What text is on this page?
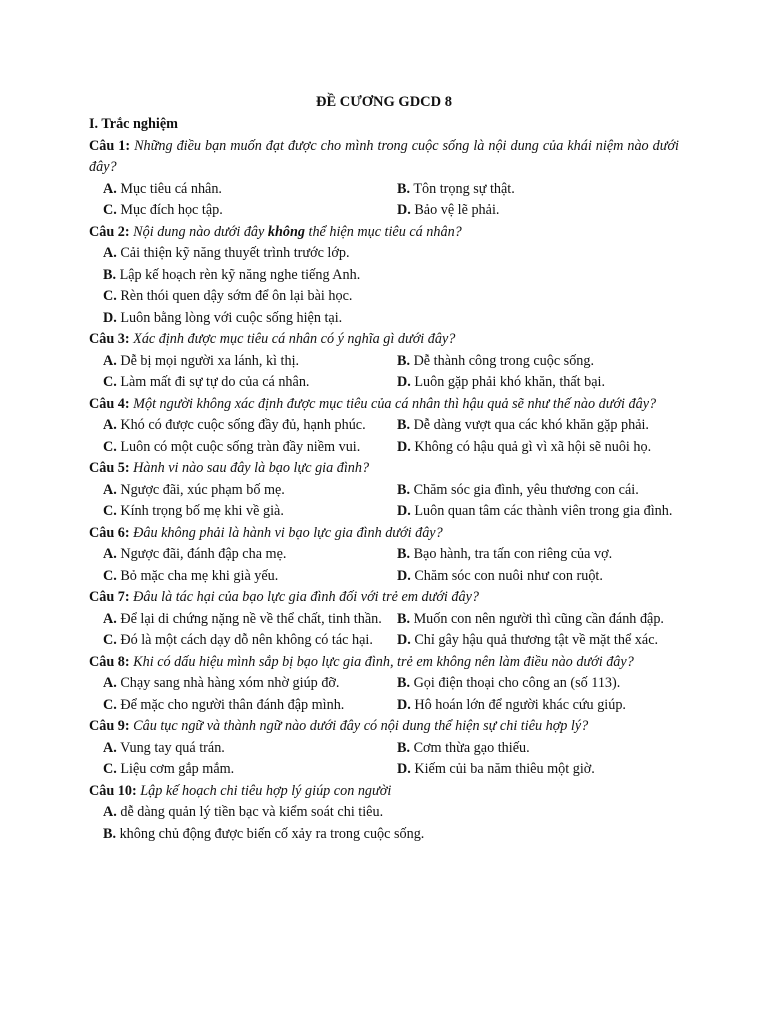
ĐỀ CƯƠNG GDCD 8
I. Trắc nghiệm
Câu 1: Những điều bạn muốn đạt được cho mình trong cuộc sống là nội dung của khái niệm nào dưới đây?
A. Mục tiêu cá nhân.	B. Tôn trọng sự thật.
C. Mục đích học tập.	D. Bảo vệ lẽ phải.
Câu 2: Nội dung nào dưới đây không thể hiện mục tiêu cá nhân?
A. Cải thiện kỹ năng thuyết trình trước lớp.
B. Lập kế hoạch rèn kỹ năng nghe tiếng Anh.
C. Rèn thói quen dậy sớm để ôn lại bài học.
D. Luôn bằng lòng với cuộc sống hiện tại.
Câu 3: Xác định được mục tiêu cá nhân có ý nghĩa gì dưới đây?
A. Dễ bị mọi người xa lánh, kì thị.	B. Dễ thành công trong cuộc sống.
C. Làm mất đi sự tự do của cá nhân.	D. Luôn gặp phải khó khăn, thất bại.
Câu 4: Một người không xác định được mục tiêu của cá nhân thì hậu quả sẽ như thế nào dưới đây?
A. Khó có được cuộc sống đầy đủ, hạnh phúc.	B. Dễ dàng vượt qua các khó khăn gặp phải.
C. Luôn có một cuộc sống tràn đầy niềm vui.	D. Không có hậu quả gì vì xã hội sẽ nuôi họ.
Câu 5: Hành vi nào sau đây là bạo lực gia đình?
A. Ngược đãi, xúc phạm bố mẹ.	B. Chăm sóc gia đình, yêu thương con cái.
C. Kính trọng bố mẹ khi về già.	D. Luôn quan tâm các thành viên trong gia đình.
Câu 6: Đâu không phải là hành vi bạo lực gia đình dưới đây?
A. Ngược đãi, đánh đập cha mẹ.	B. Bạo hành, tra tấn con riêng của vợ.
C. Bỏ mặc cha mẹ khi già yếu.	D. Chăm sóc con nuôi như con ruột.
Câu 7: Đâu là tác hại của bạo lực gia đình đối với trẻ em dưới đây?
A. Để lại di chứng nặng nề về thể chất, tinh thần.	B. Muốn con nên người thì cũng cần đánh đập.
C. Đó là một cách dạy dỗ nên không có tác hại.	D. Chỉ gây hậu quả thương tật về mặt thể xác.
Câu 8: Khi có dấu hiệu mình sắp bị bạo lực gia đình, trẻ em không nên làm điều nào dưới đây?
A. Chạy sang nhà hàng xóm nhờ giúp đỡ.	B. Gọi điện thoại cho công an (số 113).
C. Để mặc cho người thân đánh đập mình.	D. Hô hoán lớn để người khác cứu giúp.
Câu 9: Câu tục ngữ và thành ngữ nào dưới đây có nội dung thể hiện sự chi tiêu hợp lý?
A. Vung tay quá trán.	B. Cơm thừa gạo thiếu.
C. Liệu cơm gắp mắm.	D. Kiếm củi ba năm thiêu một giờ.
Câu 10: Lập kế hoạch chi tiêu hợp lý giúp con người
A. dễ dàng quản lý tiền bạc và kiểm soát chi tiêu.
B. không chủ động được biến cố xảy ra trong cuộc sống.
